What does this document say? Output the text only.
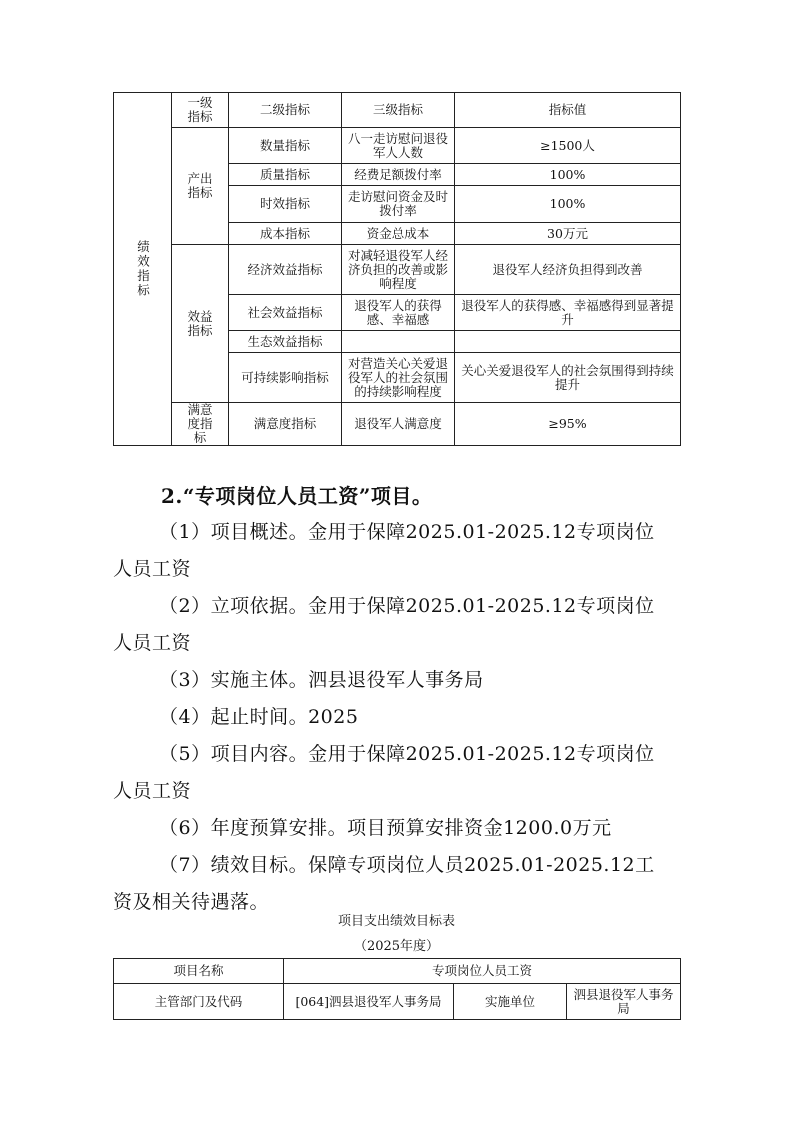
绩效指标	一级指标	二级指标	三级指标	指标值
	产出指标	数量指标	八一走访慰问退役军人人数	≥1500人
		质量指标	经费足额拨付率	100%
		时效指标	走访慰问资金及时拨付率	100%
		成本指标	资金总成本	30万元
	效益指标	经济效益指标	对减轻退役军人经济负担的改善或影响程度	退役军人经济负担得到改善
		社会效益指标	退役军人的获得感、幸福感	退役军人的获得感、幸福感得到显著提升
		生态效益指标		
		可持续影响指标	对营造关心关爱退役军人的社会氛围的持续影响程度	关心关爱退役军人的社会氛围得到持续提升
	满意度指标	满意度指标	退役军人满意度	≥95%
2.“专项岗位人员工资”项目。
（1）项目概述。金用于保障2025.01-2025.12专项岗位
人员工资
（2）立项依据。金用于保障2025.01-2025.12专项岗位
人员工资
（3）实施主体。泗县退役军人事务局
（4）起止时间。2025
（5）项目内容。金用于保障2025.01-2025.12专项岗位
人员工资
（6）年度预算安排。项目预算安排资金1200.0万元
（7）绩效目标。保障专项岗位人员2025.01-2025.12工
资及相关待遇落。
项目支出绩效目标表
（2025年度）
项目名称	专项岗位人员工资		
主管部门及代码	[064]泗县退役军人事务局	实施单位	泗县退役军人事务局
